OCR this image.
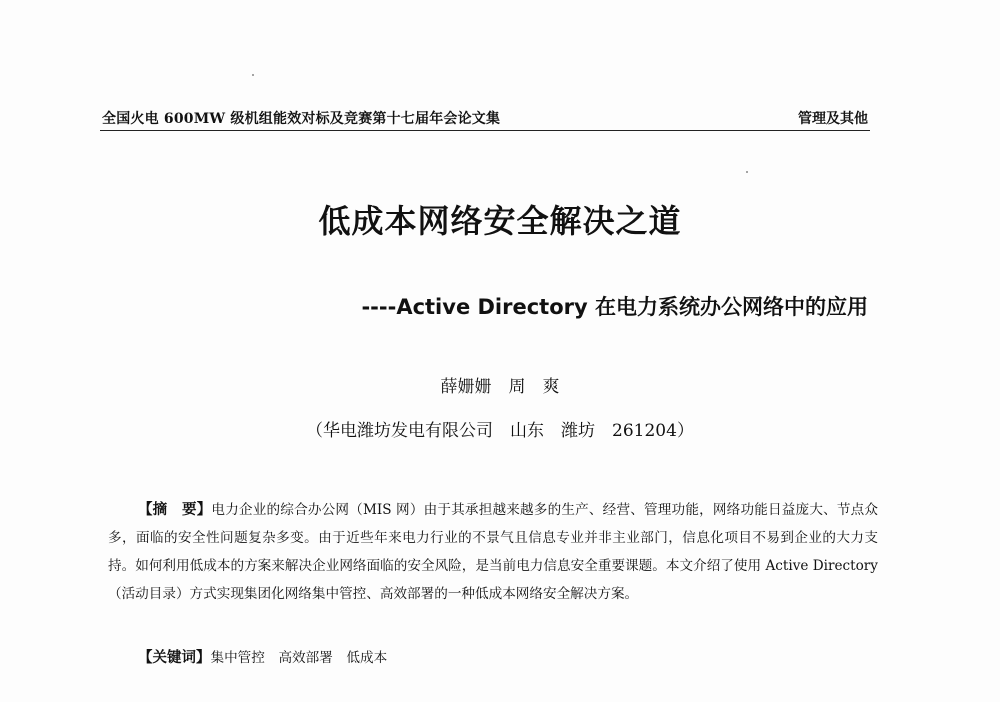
全国火电 600MW 级机组能效对标及竞赛第十七届年会论文集	管理及其他
低成本网络安全解决之道
----Active Directory 在电力系统办公网络中的应用
薛姗姗　周　爽
（华电潍坊发电有限公司　山东　潍坊　261204）
【摘　要】电力企业的综合办公网（MIS 网）由于其承担越来越多的生产、经营、管理功能，网络功能日益庞大、节点众多，面临的安全性问题复杂多变。由于近些年来电力行业的不景气且信息专业并非主业部门，信息化项目不易到企业的大力支持。如何利用低成本的方案来解决企业网络面临的安全风险，是当前电力信息安全重要课题。本文介绍了使用 Active Directory（活动目录）方式实现集团化网络集中管控、高效部署的一种低成本网络安全解决方案。
【关键词】集中管控　高效部署　低成本
